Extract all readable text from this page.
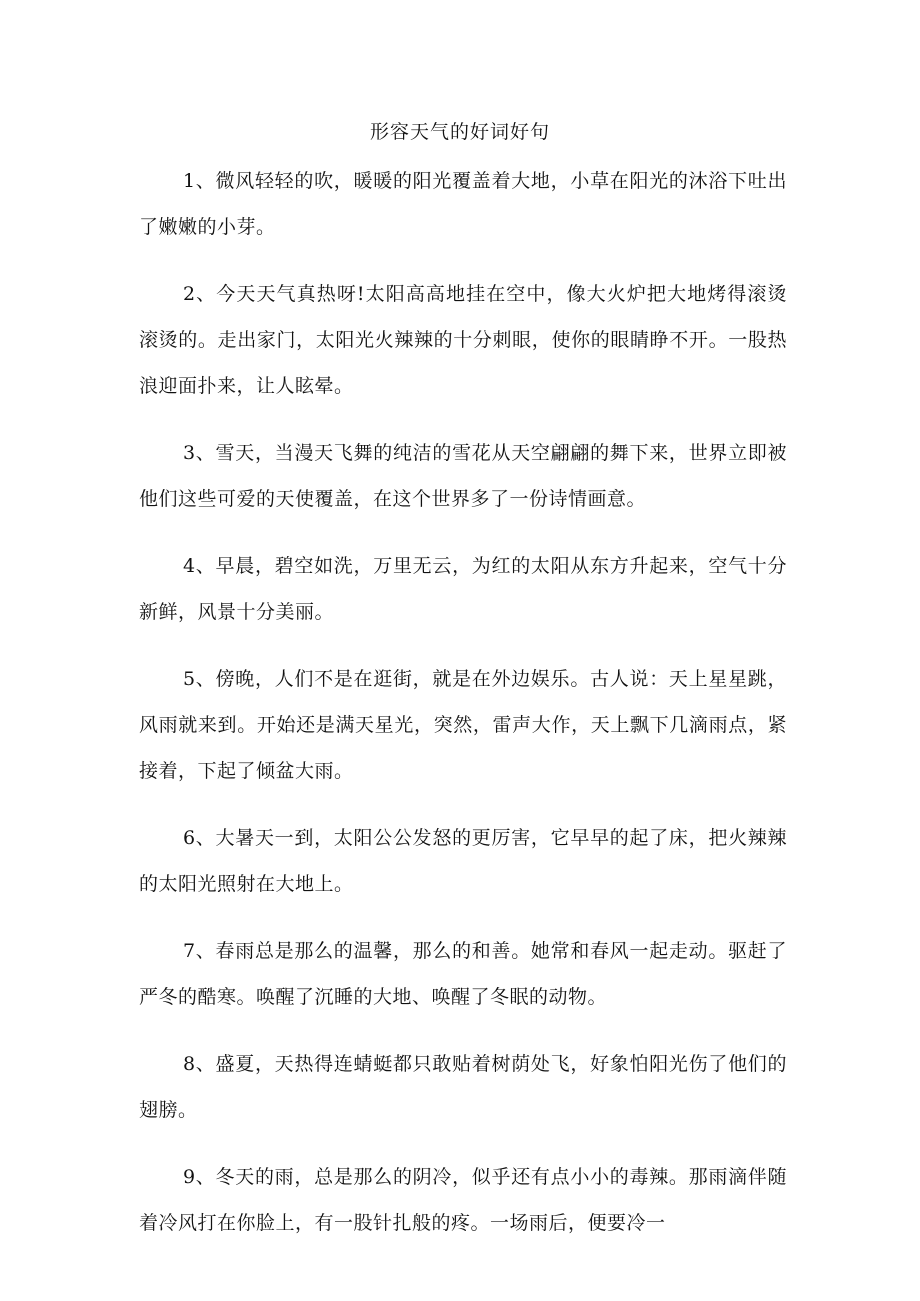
形容天气的好词好句

1、微风轻轻的吹，暖暖的阳光覆盖着大地，小草在阳光的沐浴下吐出了嫩嫩的小芽。

2、今天天气真热呀!太阳高高地挂在空中，像大火炉把大地烤得滚烫滚烫的。走出家门，太阳光火辣辣的十分刺眼，使你的眼睛睁不开。一股热浪迎面扑来，让人眩晕。

3、雪天，当漫天飞舞的纯洁的雪花从天空翩翩的舞下来，世界立即被他们这些可爱的天使覆盖，在这个世界多了一份诗情画意。

4、早晨，碧空如洗，万里无云，为红的太阳从东方升起来，空气十分新鲜，风景十分美丽。

5、傍晚，人们不是在逛街，就是在外边娱乐。古人说：天上星星跳，风雨就来到。开始还是满天星光，突然，雷声大作，天上飘下几滴雨点，紧接着，下起了倾盆大雨。

6、大暑天一到，太阳公公发怒的更厉害，它早早的起了床，把火辣辣的太阳光照射在大地上。

7、春雨总是那么的温馨，那么的和善。她常和春风一起走动。驱赶了严冬的酷寒。唤醒了沉睡的大地、唤醒了冬眠的动物。

8、盛夏，天热得连蜻蜓都只敢贴着树荫处飞，好象怕阳光伤了他们的翅膀。

9、冬天的雨，总是那么的阴冷，似乎还有点小小的毒辣。那雨滴伴随着冷风打在你脸上，有一股针扎般的疼。一场雨后，便要冷一
